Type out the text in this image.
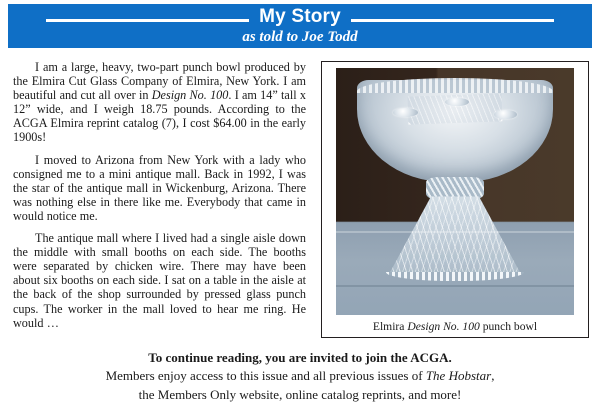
My Story
as told to Joe Todd

I am a large, heavy, two-part punch bowl produced by the Elmira Cut Glass Company of Elmira, New York. I am beautiful and cut all over in Design No. 100. I am 14” tall x 12” wide, and I weigh 18.75 pounds. According to the ACGA Elmira reprint catalog (7), I cost $64.00 in the early 1900s!

I moved to Arizona from New York with a lady who consigned me to a mini antique mall. Back in 1992, I was the star of the antique mall in Wickenburg, Arizona. There was nothing else in there like me. Everybody that came in would notice me.

The antique mall where I lived had a single aisle down the middle with small booths on each side. The booths were separated by chicken wire. There may have been about six booths on each side. I sat on a table in the aisle at the back of the shop surrounded by pressed glass punch cups. The worker in the mall loved to hear me ring. He would …	Elmira Design No. 100 punch bowl
To continue reading, you are invited to join the ACGA.
Members enjoy access to this issue and all previous issues of The Hobstar,
the Members Only website, online catalog reprints, and more!
